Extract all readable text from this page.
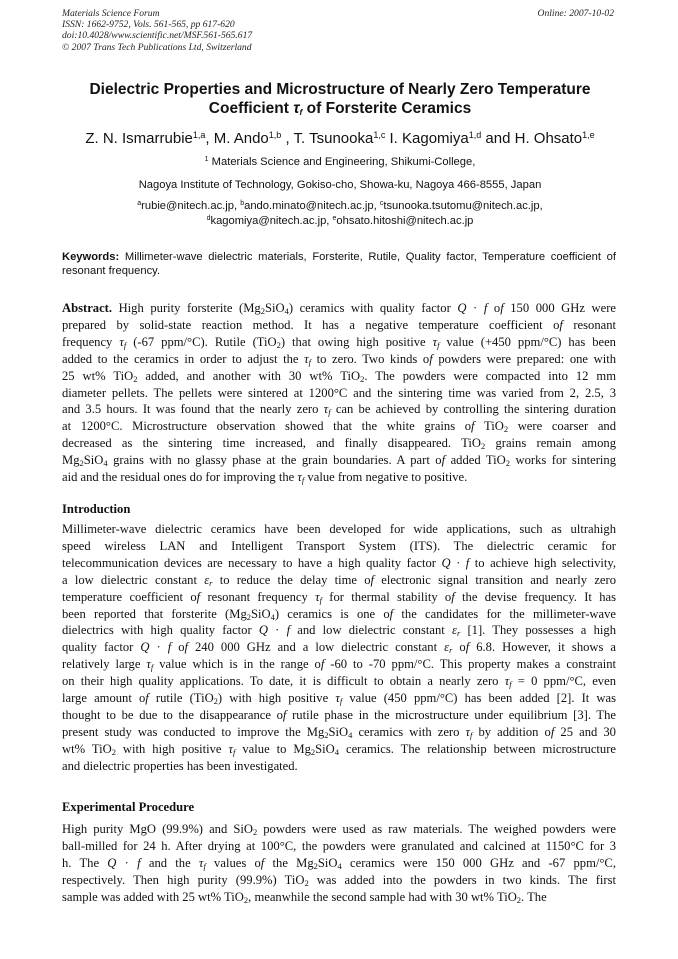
Materials Science Forum
ISSN: 1662-9752, Vols. 561-565, pp 617-620
doi:10.4028/www.scientific.net/MSF.561-565.617
© 2007 Trans Tech Publications Ltd, Switzerland
Online: 2007-10-02
Dielectric Properties and Microstructure of Nearly Zero Temperature
Coefficient $\tau_f$ of Forsterite Ceramics
Z. N. Ismarrubie$^{1,a}$, M. Ando$^{1,b}$ , T. Tsunooka$^{1,c}$ I. Kagomiya$^{1,d}$ and H. Ohsato$^{1,e}$
$^1$ Materials Science and Engineering, Shikumi-College,
Nagoya Institute of Technology, Gokiso-cho, Showa-ku, Nagoya 466-8555, Japan
$^a$rubie@nitech.ac.jp, $^b$ando.minato@nitech.ac.jp, $^c$tsunooka.tsutomu@nitech.ac.jp,
$^d$kagomiya@nitech.ac.jp, $^e$ohsato.hitoshi@nitech.ac.jp
Keywords: Millimeter-wave dielectric materials, Forsterite, Rutile, Quality factor, Temperature coefficient of resonant frequency.
Abstract. High purity forsterite $(Mg_2SiO_4)$ ceramics with quality factor Q · f of 150 000 GHz were
prepared by solid-state reaction method. It has a negative temperature coefficient of resonant
frequency $\tau_f$ (-67 ppm/°C). Rutile (TiO$_2$) that owing high positive $\tau_f$ value (+450 ppm/°C) has been
added to the ceramics in order to adjust the $\tau_f$ to zero. Two kinds of powders were prepared: one with
25 wt% TiO$_2$ added, and another with 30 wt% TiO$_2$. The powders were compacted into 12 mm
diameter pellets. The pellets were sintered at 1200°C and the sintering time was varied from 2, 2.5, 3
and 3.5 hours. It was found that the nearly zero $\tau_f$ can be achieved by controlling the sintering duration
at 1200°C. Microstructure observation showed that the white grains of TiO$_2$ were coarser and
decreased as the sintering time increased, and finally disappeared. TiO$_2$ grains remain among
$Mg_2SiO_4$ grains with no glassy phase at the grain boundaries. A part of added TiO$_2$ works for sintering
aid and the residual ones do for improving the $\tau_f$ value from negative to positive.
Introduction
Millimeter-wave dielectric ceramics have been developed for wide applications, such as ultrahigh
speed wireless LAN and Intelligent Transport System (ITS). The dielectric ceramic for
telecommunication devices are necessary to have a high quality factor Q · f to achieve high selectivity,
a low dielectric constant $\varepsilon_r$ to reduce the delay time of electronic signal transition and nearly zero
temperature coefficient of resonant frequency $\tau_f$ for thermal stability of the devise frequency. It has
been reported that forsterite $(Mg_2SiO_4)$ ceramics is one of the candidates for the millimeter-wave
dielectrics with high quality factor Q · f and low dielectric constant $\varepsilon_r$ [1]. They possesses a high
quality factor Q · f of 240 000 GHz and a low dielectric constant $\varepsilon_r$ of 6.8. However, it shows a
relatively large $\tau_f$ value which is in the range of -60 to -70 ppm/°C. This property makes a constraint
on their high quality applications. To date, it is difficult to obtain a nearly zero $\tau_f = 0$ ppm/°C, even
large amount of rutile (TiO$_2$) with high positive $\tau_f$ value (450 ppm/°C) has been added [2]. It was
thought to be due to the disappearance of rutile phase in the microstructure under equilibrium [3]. The
present study was conducted to improve the $Mg_2SiO_4$ ceramics with zero $\tau_f$ by addition of 25 and 30
wt% TiO$_2$ with high positive $\tau_f$ value to $Mg_2SiO_4$ ceramics. The relationship between microstructure
and dielectric properties has been investigated.
Experimental Procedure
High purity MgO (99.9%) and SiO$_2$ powders were used as raw materials. The weighed powders were
ball-milled for 24 h. After drying at 100°C, the powders were granulated and calcined at 1150°C for 3
h. The Q · f and the $\tau_f$ values of the $Mg_2SiO_4$ ceramics were 150 000 GHz and -67 ppm/°C,
respectively. Then high purity (99.9%) TiO$_2$ was added into the powders in two kinds. The first
sample was added with 25 wt% TiO$_2$, meanwhile the second sample had with 30 wt% TiO$_2$. The
